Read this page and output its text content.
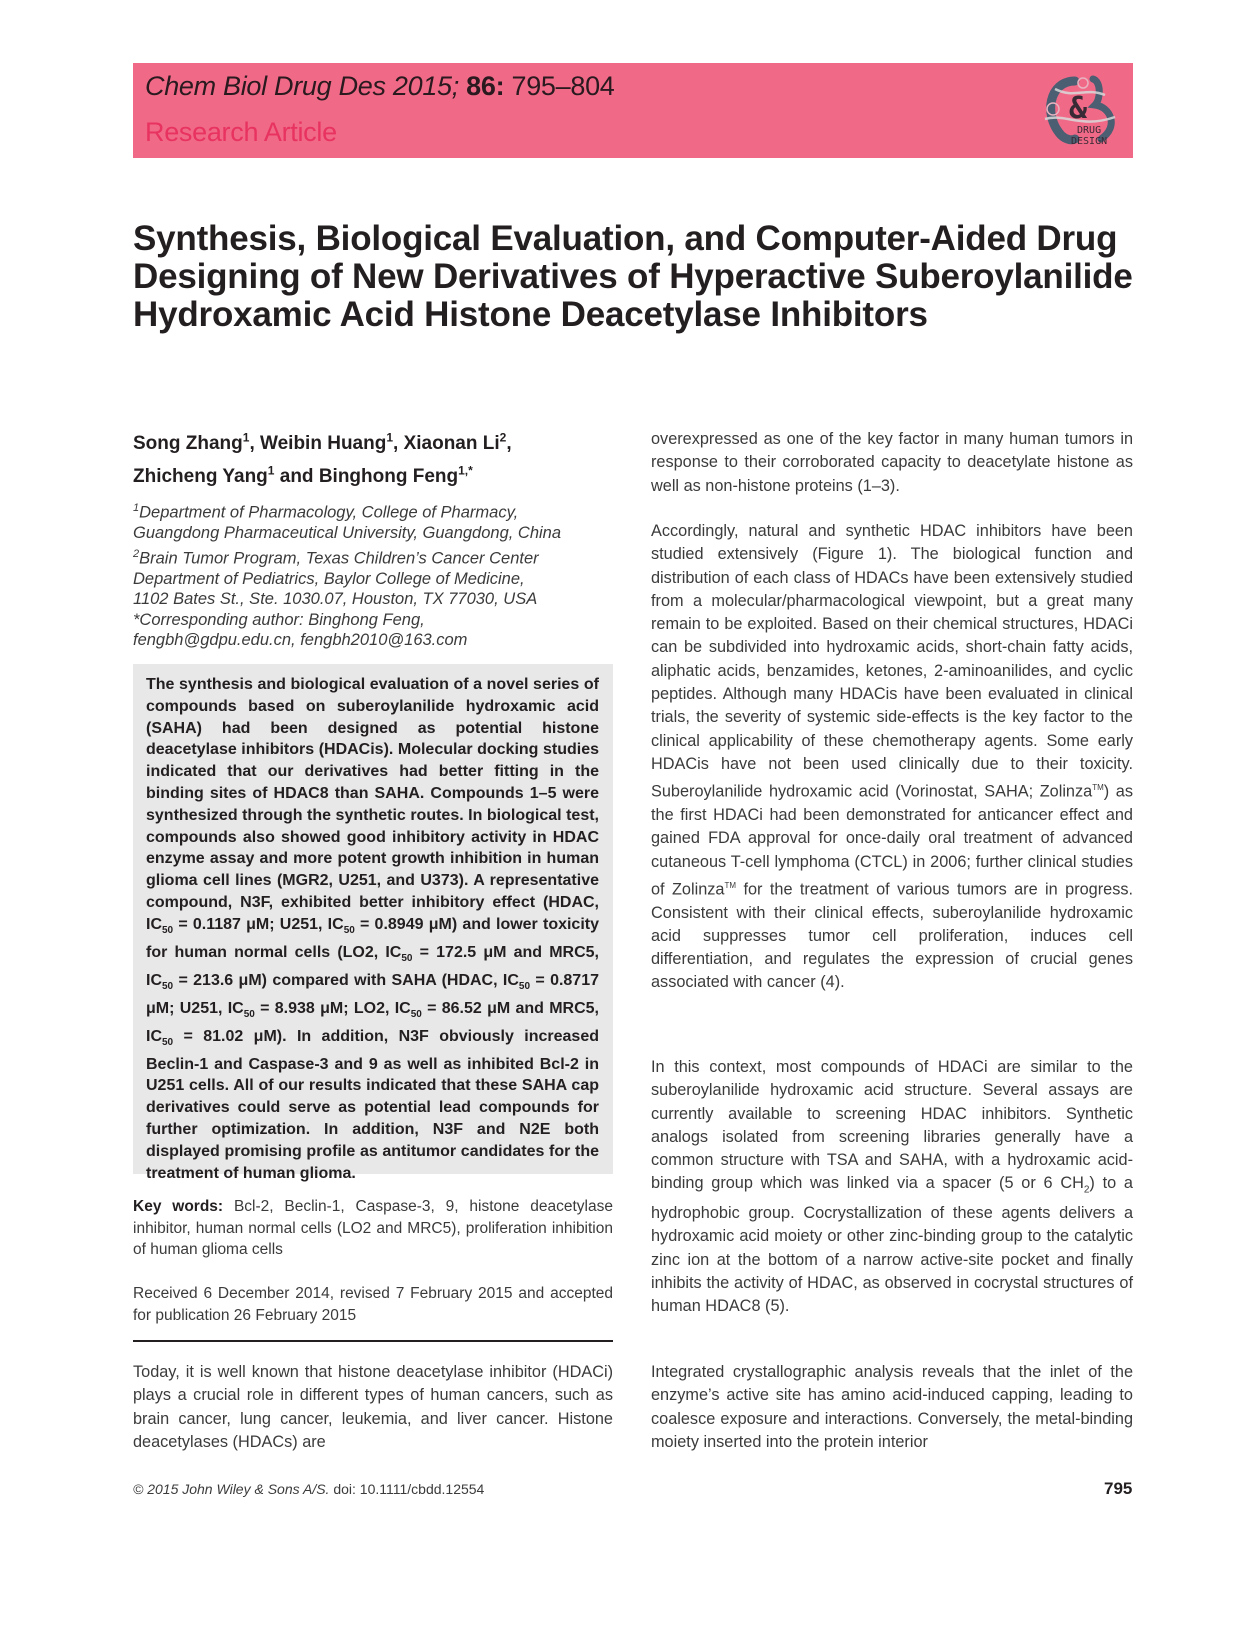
Chem Biol Drug Des 2015; 86: 795–804
Research Article
&
DRUG
DESIGN
Synthesis, Biological Evaluation, and Computer-Aided Drug Designing of New Derivatives of Hyperactive Suberoylanilide Hydroxamic Acid Histone Deacetylase Inhibitors
Song Zhang$^1$, Weibin Huang$^1$, Xiaonan Li$^2$,
Zhicheng Yang$^1$ and Binghong Feng$^{1,*}$
$^1$Department of Pharmacology, College of Pharmacy,
Guangdong Pharmaceutical University, Guangdong, China
$^2$Brain Tumor Program, Texas Children’s Cancer Center
Department of Pediatrics, Baylor College of Medicine,
1102 Bates St., Ste. 1030.07, Houston, TX 77030, USA
*Corresponding author: Binghong Feng,
fengbh@gdpu.edu.cn, fengbh2010@163.com
The synthesis and biological evaluation of a novel series of compounds based on suberoylanilide hydroxamic acid (SAHA) had been designed as potential histone deacetylase inhibitors (HDACis). Molecular docking studies indicated that our derivatives had better fitting in the binding sites of HDAC8 than SAHA. Compounds 1–5 were synthesized through the synthetic routes. In biological test, compounds also showed good inhibitory activity in HDAC enzyme assay and more potent growth inhibition in human glioma cell lines (MGR2, U251, and U373). A representative compound, N3F, exhibited better inhibitory effect (HDAC, $IC_{50} = 0.1187$ μM; U251, $IC_{50} = 0.8949$ μM) and lower toxicity for human normal cells (LO2, $IC_{50} = 172.5$ μM and MRC5, $IC_{50} = 213.6$ μM) compared with SAHA (HDAC, $IC_{50} = 0.8717$ μM; U251, $IC_{50} = 8.938$ μM; LO2, $IC_{50} = 86.52$ μM and MRC5, $IC_{50} = 81.02$ μM). In addition, N3F obviously increased Beclin-1 and Caspase-3 and 9 as well as inhibited Bcl-2 in U251 cells. All of our results indicated that these SAHA cap derivatives could serve as potential lead compounds for further optimization. In addition, N3F and N2E both displayed promising profile as antitumor candidates for the treatment of human glioma.
Key words: Bcl-2, Beclin-1, Caspase-3, 9, histone deacetylase inhibitor, human normal cells (LO2 and MRC5), proliferation inhibition of human glioma cells
Received 6 December 2014, revised 7 February 2015 and accepted for publication 26 February 2015
Today, it is well known that histone deacetylase inhibitor (HDACi) plays a crucial role in different types of human cancers, such as brain cancer, lung cancer, leukemia, and liver cancer. Histone deacetylases (HDACs) are
overexpressed as one of the key factor in many human tumors in response to their corroborated capacity to deacetylate histone as well as non-histone proteins (1–3).
Accordingly, natural and synthetic HDAC inhibitors have been studied extensively (Figure 1). The biological function and distribution of each class of HDACs have been extensively studied from a molecular/pharmacological viewpoint, but a great many remain to be exploited. Based on their chemical structures, HDACi can be subdivided into hydroxamic acids, short-chain fatty acids, aliphatic acids, benzamides, ketones, 2-aminoanilides, and cyclic peptides. Although many HDACis have been evaluated in clinical trials, the severity of systemic side-effects is the key factor to the clinical applicability of these chemotherapy agents. Some early HDACis have not been used clinically due to their toxicity. Suberoylanilide hydroxamic acid (Vorinostat, SAHA; Zolinza™) as the first HDACi had been demonstrated for anticancer effect and gained FDA approval for once-daily oral treatment of advanced cutaneous T-cell lymphoma (CTCL) in 2006; further clinical studies of Zolinza™ for the treatment of various tumors are in progress. Consistent with their clinical effects, suberoylanilide hydroxamic acid suppresses tumor cell proliferation, induces cell differentiation, and regulates the expression of crucial genes associated with cancer (4).
In this context, most compounds of HDACi are similar to the suberoylanilide hydroxamic acid structure. Several assays are currently available to screening HDAC inhibitors. Synthetic analogs isolated from screening libraries generally have a common structure with TSA and SAHA, with a hydroxamic acid-binding group which was linked via a spacer (5 or 6 $CH_2$) to a hydrophobic group. Cocrystallization of these agents delivers a hydroxamic acid moiety or other zinc-binding group to the catalytic zinc ion at the bottom of a narrow active-site pocket and finally inhibits the activity of HDAC, as observed in cocrystal structures of human HDAC8 (5).
Integrated crystallographic analysis reveals that the inlet of the enzyme’s active site has amino acid-induced capping, leading to coalesce exposure and interactions. Conversely, the metal-binding moiety inserted into the protein interior
© 2015 John Wiley & Sons A/S. doi: 10.1111/cbdd.12554	795
